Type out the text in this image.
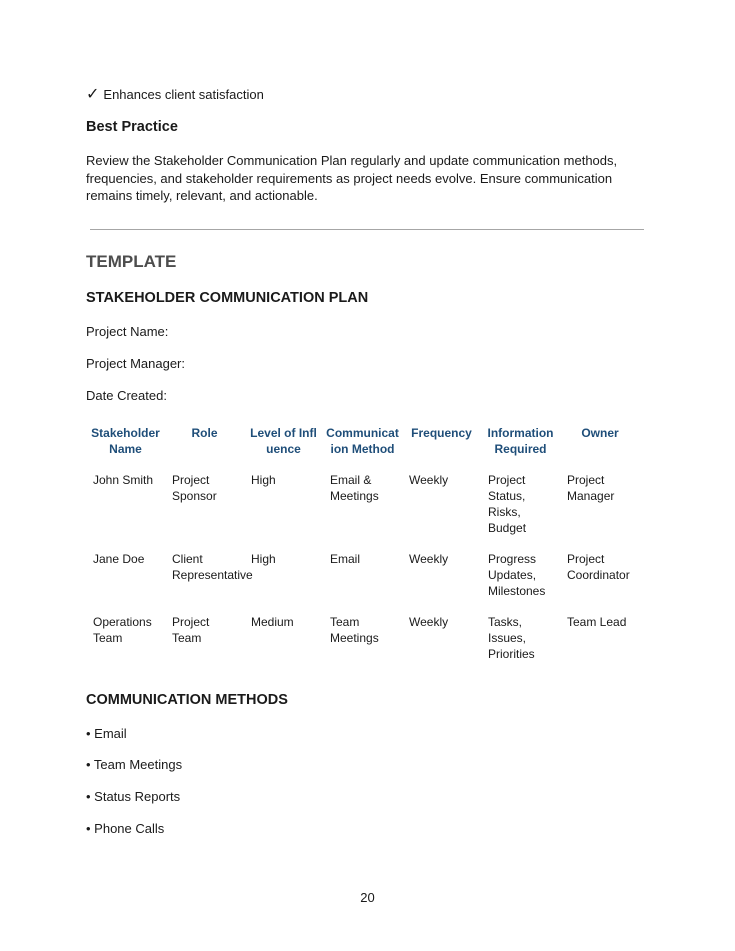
✓ Enhances client satisfaction
Best Practice

Review the Stakeholder Communication Plan regularly and update communication methods, frequencies, and stakeholder requirements as project needs evolve. Ensure communication remains timely, relevant, and actionable.

TEMPLATE
STAKEHOLDER COMMUNICATION PLAN
Project Name:
Project Manager:
Date Created:
Stakeholder Name	Role	Level of Influence	Communication Method	Frequency	Information Required	Owner
John Smith	Project Sponsor	High	Email & Meetings	Weekly	Project Status, Risks, Budget	Project Manager
Jane Doe	Client Representative	High	Email	Weekly	Progress Updates, Milestones	Project Coordinator
Operations Team	Project Team	Medium	Team Meetings	Weekly	Tasks, Issues, Priorities	Team Lead
COMMUNICATION METHODS
• Email
• Team Meetings
• Status Reports
• Phone Calls
20
